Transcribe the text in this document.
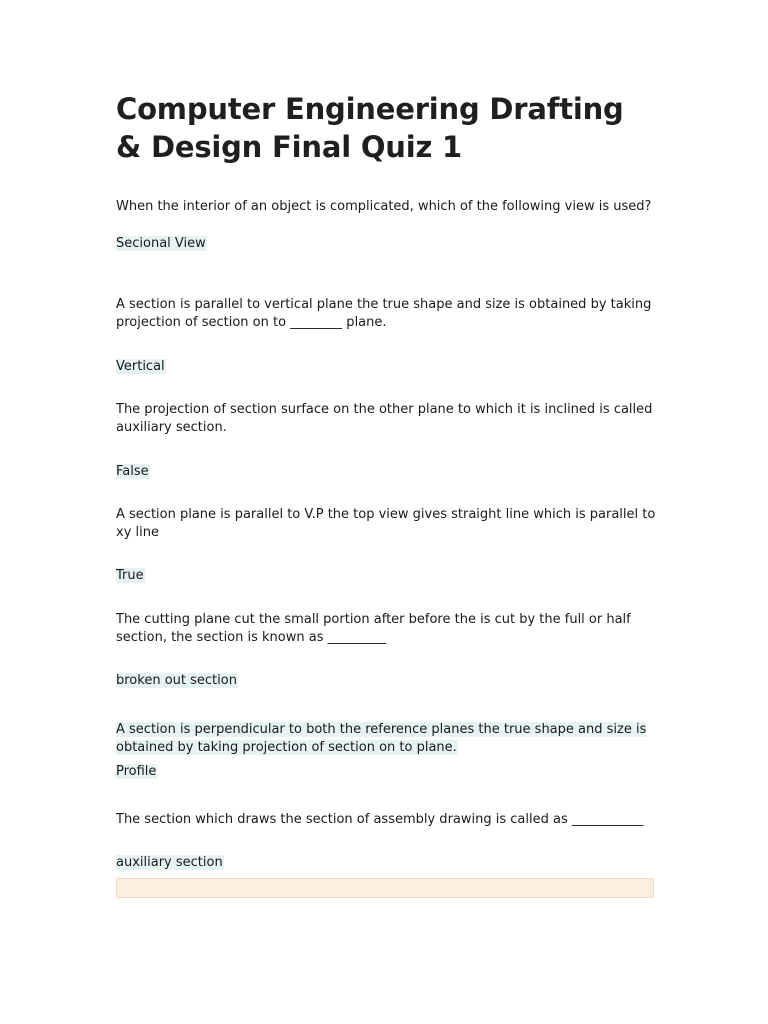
Computer Engineering Drafting & Design Final Quiz 1

When the interior of an object is complicated, which of the following view is used?

Secional View

A section is parallel to vertical plane the true shape and size is obtained by taking projection of section on to ________ plane.

Vertical

The projection of section surface on the other plane to which it is inclined is called auxiliary section.

False

A section plane is parallel to V.P the top view gives straight line which is parallel to xy line

True

The cutting plane cut the small portion after before the is cut by the full or half section, the section is known as _________

broken out section

A section is perpendicular to both the reference planes the true shape and size is obtained by taking projection of section on to plane.

Profile

The section which draws the section of assembly drawing is called as ___________

auxiliary section
